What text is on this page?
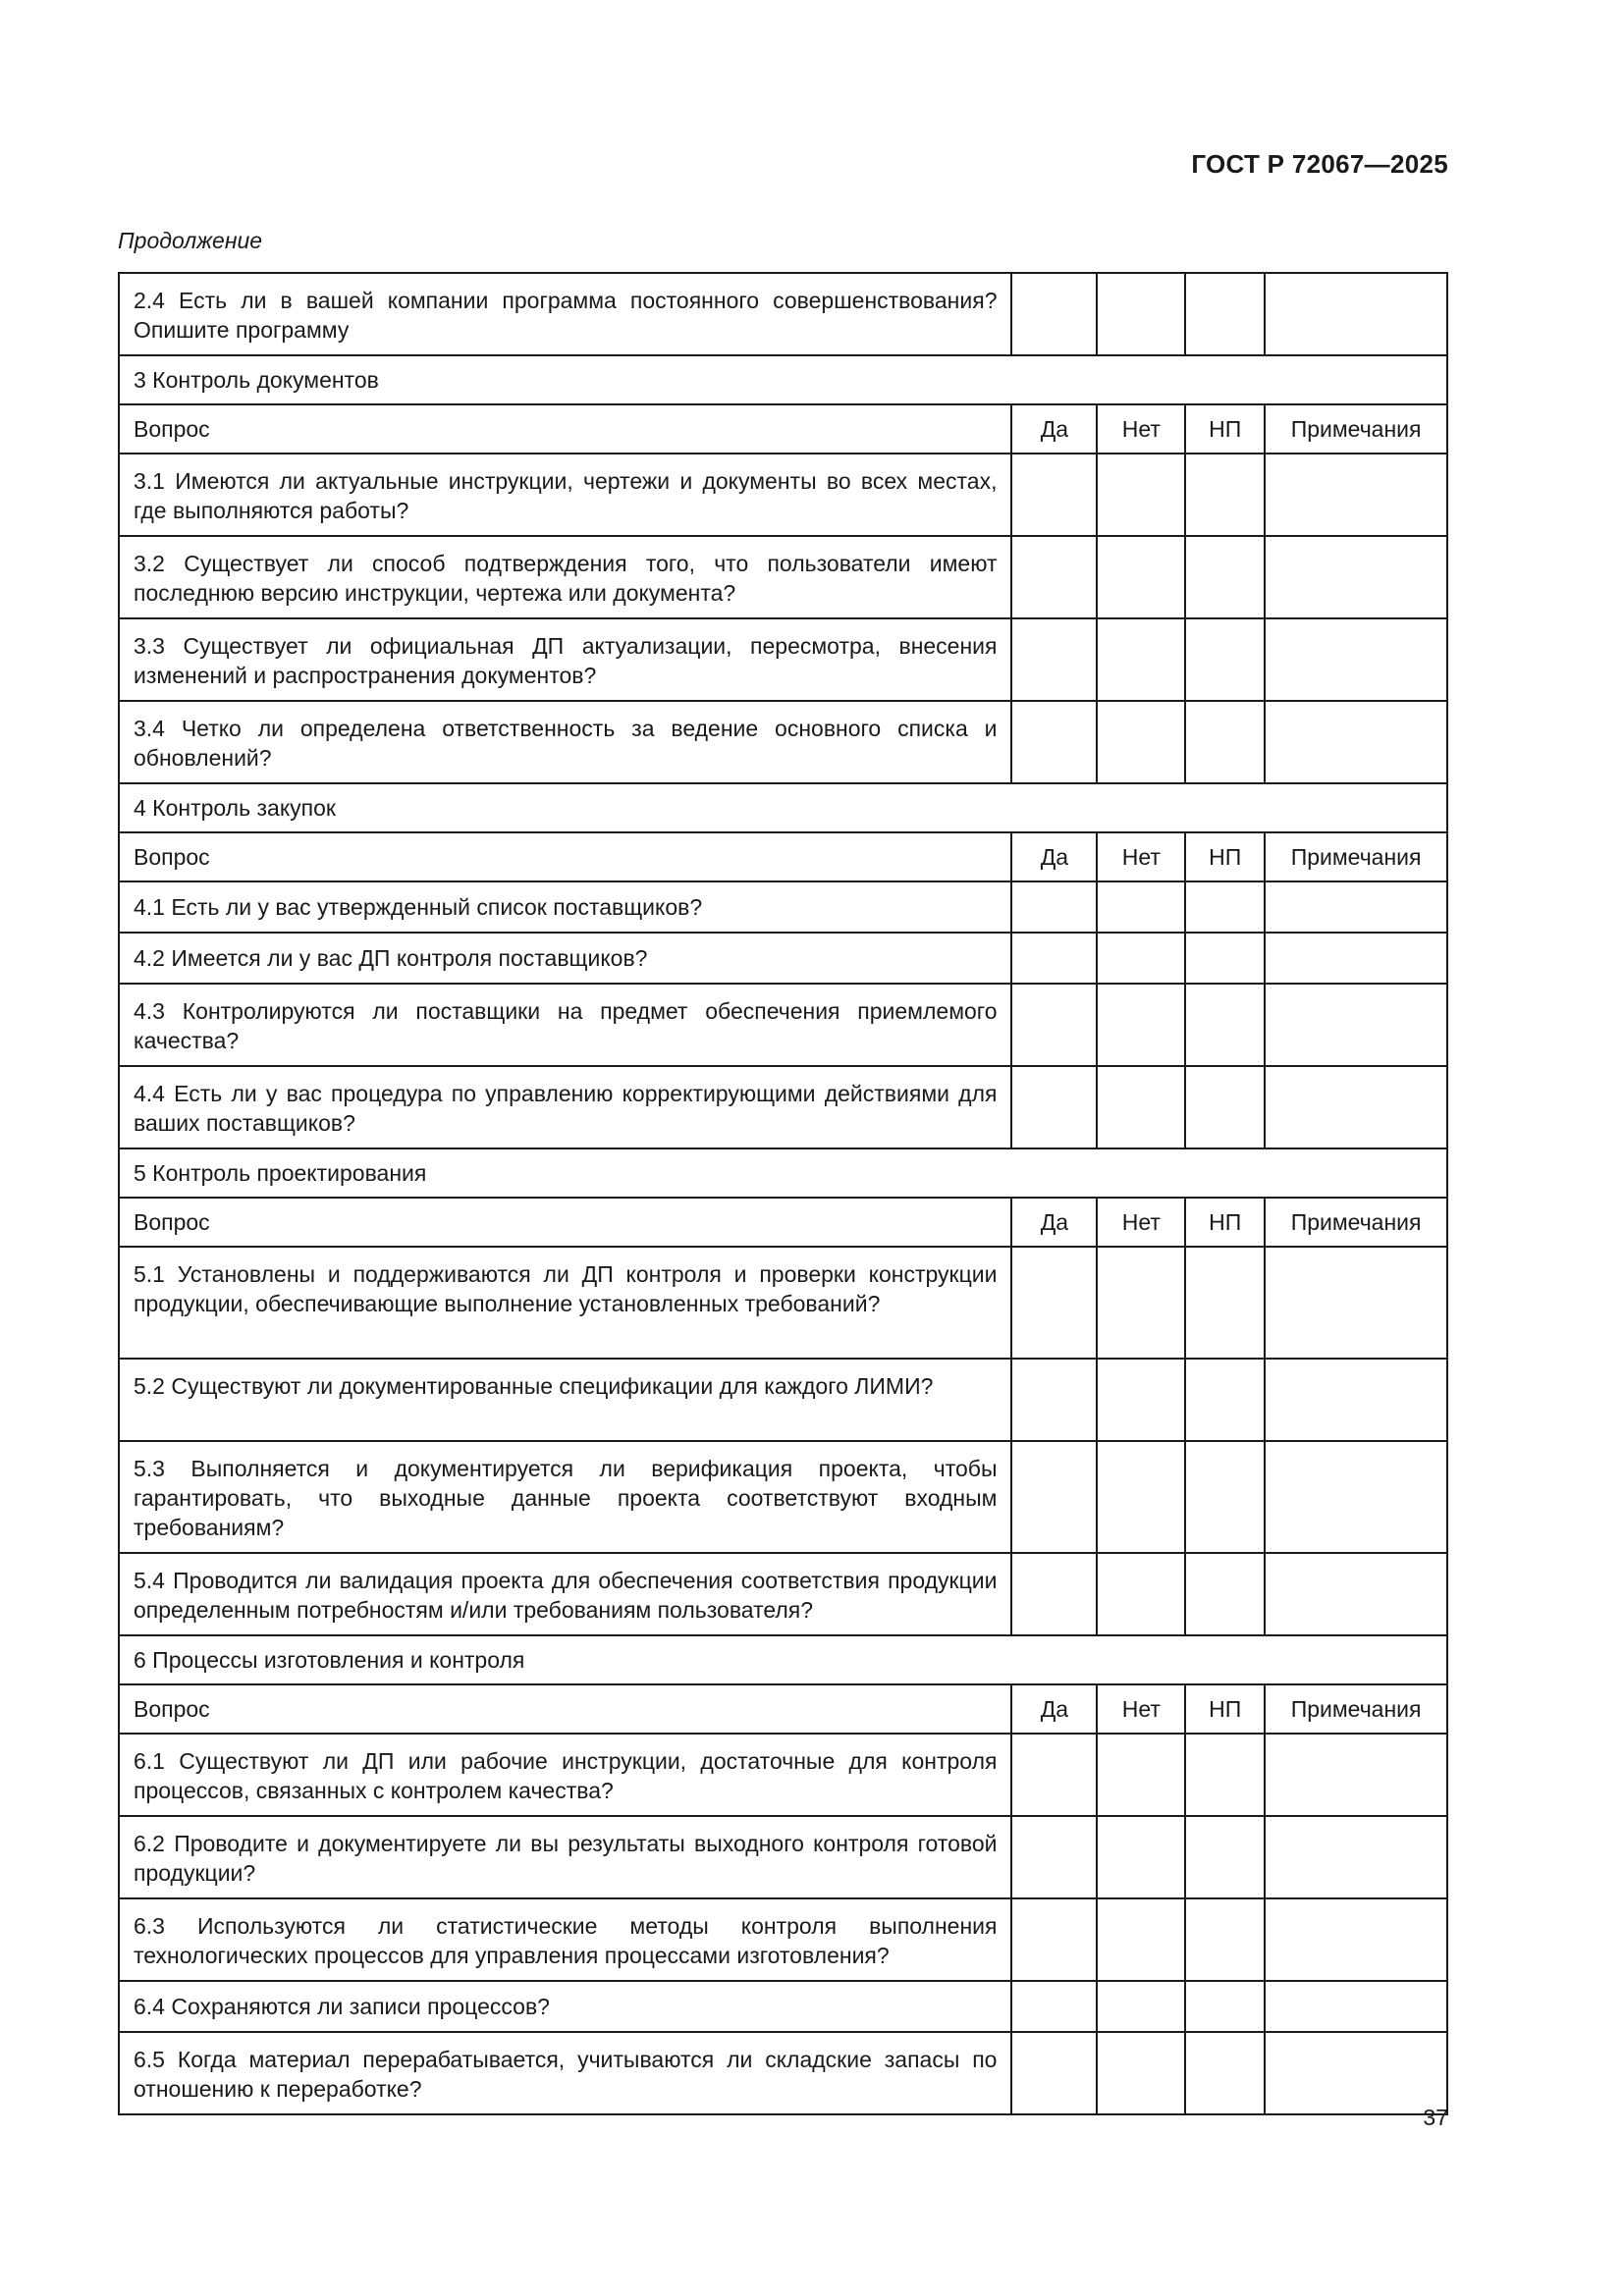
ГОСТ Р 72067—2025
Продолжение
2.4 Есть ли в вашей компании программа постоянного совершенствования? Опишите программу				
3 Контроль документов				
Вопрос	Да	Нет	НП	Примечания
3.1 Имеются ли актуальные инструкции, чертежи и документы во всех местах, где выполняются работы?				
3.2 Существует ли способ подтверждения того, что пользователи имеют последнюю версию инструкции, чертежа или документа?				
3.3 Существует ли официальная ДП актуализации, пересмотра, внесения изменений и распространения документов?				
3.4 Четко ли определена ответственность за ведение основного списка и обновлений?				
4 Контроль закупок				
Вопрос	Да	Нет	НП	Примечания
4.1 Есть ли у вас утвержденный список поставщиков?				
4.2 Имеется ли у вас ДП контроля поставщиков?				
4.3 Контролируются ли поставщики на предмет обеспечения приемлемого качества?				
4.4 Есть ли у вас процедура по управлению корректирующими действиями для ваших поставщиков?				
5 Контроль проектирования				
Вопрос	Да	Нет	НП	Примечания
5.1 Установлены и поддерживаются ли ДП контроля и проверки конструкции продукции, обеспечивающие выполнение установленных требований?				
5.2 Существуют ли документированные спецификации для каждого ЛИМИ?				
5.3 Выполняется и документируется ли верификация проекта, чтобы гарантировать, что выходные данные проекта соответствуют входным требованиям?				
5.4 Проводится ли валидация проекта для обеспечения соответствия продукции определенным потребностям и/или требованиям пользователя?				
6 Процессы изготовления и контроля				
Вопрос	Да	Нет	НП	Примечания
6.1 Существуют ли ДП или рабочие инструкции, достаточные для контроля процессов, связанных с контролем качества?				
6.2 Проводите и документируете ли вы результаты выходного контроля готовой продукции?				
6.3 Используются ли статистические методы контроля выполнения технологических процессов для управления процессами изготовления?				
6.4 Сохраняются ли записи процессов?				
6.5 Когда материал перерабатывается, учитываются ли складские запасы по отношению к переработке?				
37
